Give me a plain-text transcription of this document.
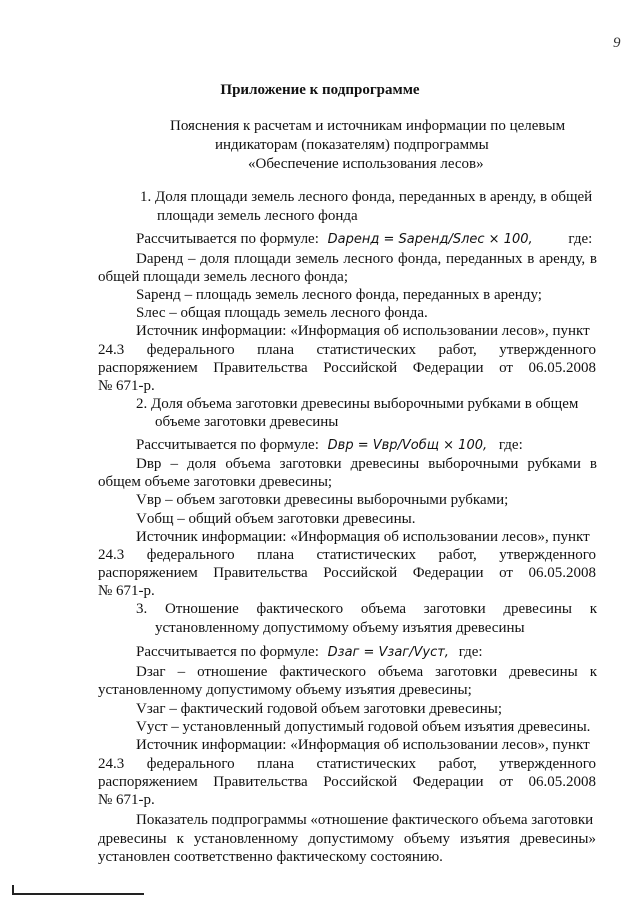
9
Приложение к подпрограмме
Пояснения к расчетам и источникам информации по целевым
индикаторам (показателям) подпрограммы
«Обеспечение использования лесов»
1. Доля площади земель лесного фонда, переданных в аренду, в общей
площади земель лесного фонда
Рассчитывается по формуле: Dаренд = Sаренд/Sлес × 100, где:
Dаренд – доля площади земель лесного фонда, переданных в аренду, в
общей площади земель лесного фонда;
Sаренд – площадь земель лесного фонда, переданных в аренду;
Sлес – общая площадь земель лесного фонда.
Источник информации: «Информация об использовании лесов», пункт
24.3 федерального плана статистических работ, утвержденного
распоряжением Правительства Российской Федерации от 06.05.2008
№ 671-р.
2. Доля объема заготовки древесины выборочными рубками в общем
объеме заготовки древесины
Рассчитывается по формуле: Dвр = Vвр/Vобщ × 100, где:
Dвр – доля объема заготовки древесины выборочными рубками в
общем объеме заготовки древесины;
Vвр – объем заготовки древесины выборочными рубками;
Vобщ – общий объем заготовки древесины.
Источник информации: «Информация об использовании лесов», пункт
24.3 федерального плана статистических работ, утвержденного
распоряжением Правительства Российской Федерации от 06.05.2008
№ 671-р.
3. Отношение фактического объема заготовки древесины к
установленному допустимому объему изъятия древесины
Рассчитывается по формуле: Dзаг = Vзаг/Vуст, где:
Dзаг – отношение фактического объема заготовки древесины к
установленному допустимому объему изъятия древесины;
Vзаг – фактический годовой объем заготовки древесины;
Vуст – установленный допустимый годовой объем изъятия древесины.
Источник информации: «Информация об использовании лесов», пункт
24.3 федерального плана статистических работ, утвержденного
распоряжением Правительства Российской Федерации от 06.05.2008
№ 671-р.
Показатель подпрограммы «отношение фактического объема заготовки
древесины к установленному допустимому объему изъятия древесины»
установлен соответственно фактическому состоянию.
